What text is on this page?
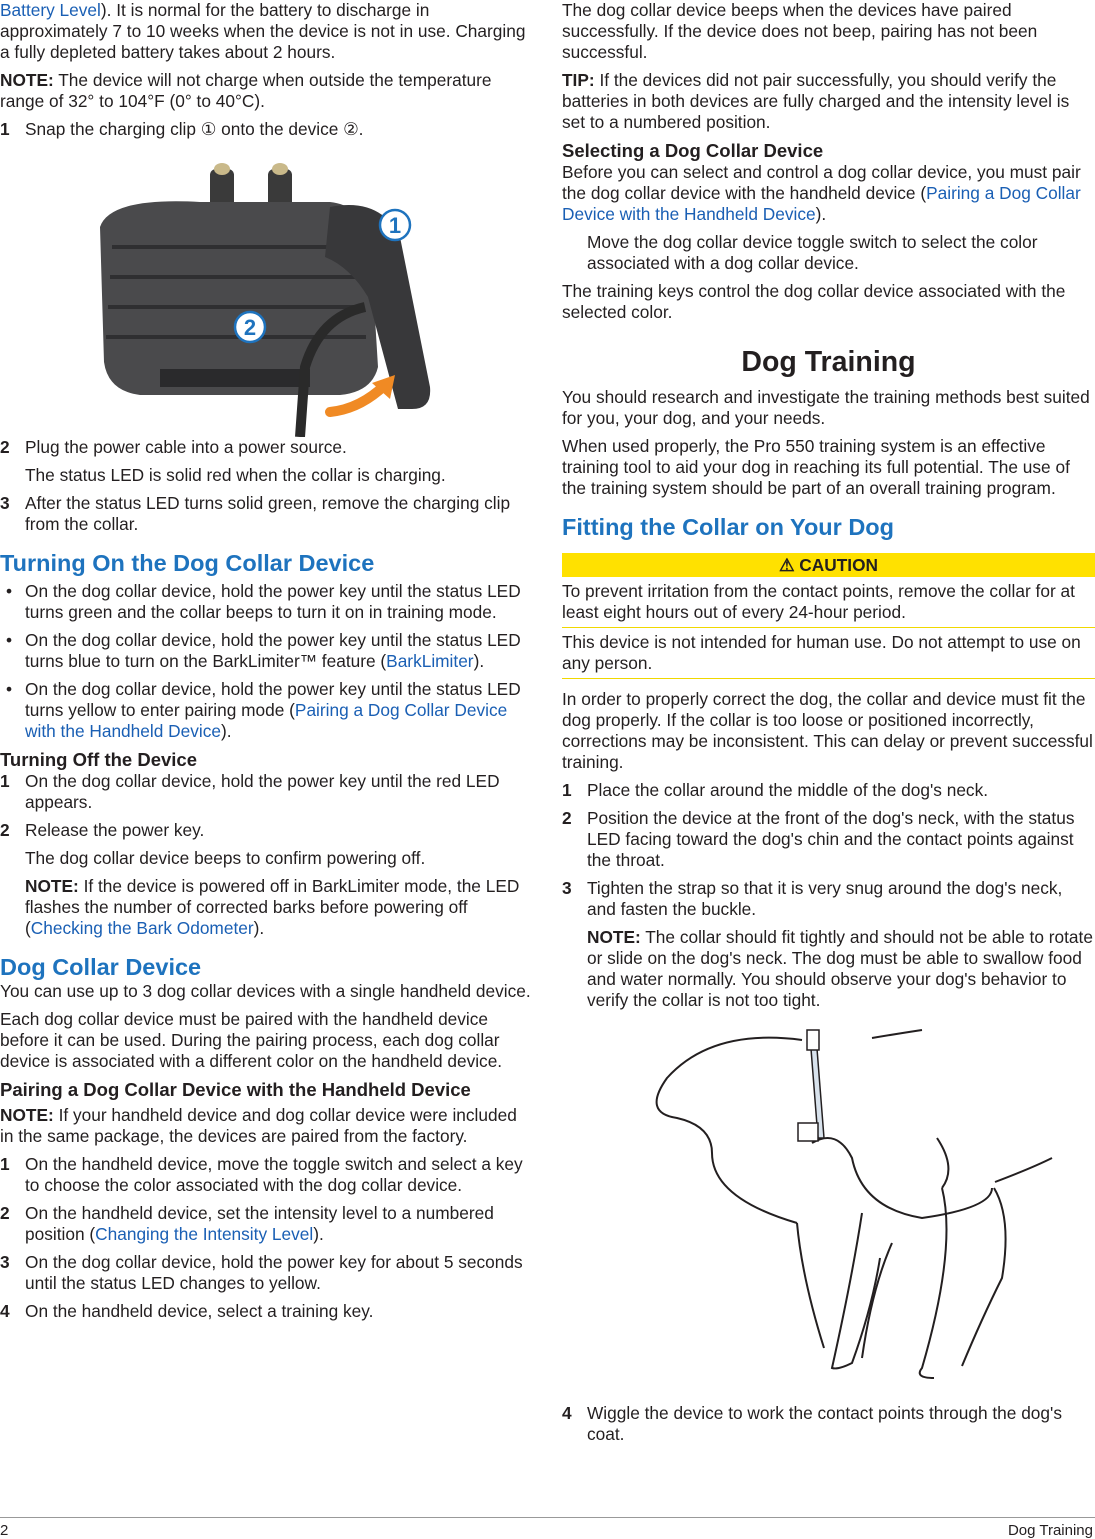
Battery Level). It is normal for the battery to discharge in approximately 7 to 10 weeks when the device is not in use. Charging a fully depleted battery takes about 2 hours.

NOTE: The device will not charge when outside the temperature range of 32° to 104°F (0° to 40°C).

1 Snap the charging clip ① onto the device ②.

1
2
2 Plug the power cable into a power source.

The status LED is solid red when the collar is charging.

3 After the status LED turns solid green, remove the charging clip from the collar.

Turning On the Dog Collar Device
• On the dog collar device, hold the power key until the status LED turns green and the collar beeps to turn it on in training mode.

• On the dog collar device, hold the power key until the status LED turns blue to turn on the BarkLimiter™ feature (BarkLimiter).

• On the dog collar device, hold the power key until the status LED turns yellow to enter pairing mode (Pairing a Dog Collar Device with the Handheld Device).

Turning Off the Device
1 On the dog collar device, hold the power key until the red LED appears.

2 Release the power key.

The dog collar device beeps to confirm powering off.

NOTE: If the device is powered off in BarkLimiter mode, the LED flashes the number of corrected barks before powering off (Checking the Bark Odometer).

Dog Collar Device

You can use up to 3 dog collar devices with a single handheld device.

Each dog collar device must be paired with the handheld device before it can be used. During the pairing process, each dog collar device is associated with a different color on the handheld device.

Pairing a Dog Collar Device with the Handheld Device

NOTE: If your handheld device and dog collar device were included in the same package, the devices are paired from the factory.

1 On the handheld device, move the toggle switch and select a key to choose the color associated with the dog collar device.

2 On the handheld device, set the intensity level to a numbered position (Changing the Intensity Level).

3 On the dog collar device, hold the power key for about 5 seconds until the status LED changes to yellow.

4 On the handheld device, select a training key.

The dog collar device beeps when the devices have paired successfully. If the device does not beep, pairing has not been successful.

TIP: If the devices did not pair successfully, you should verify the batteries in both devices are fully charged and the intensity level is set to a numbered position.

Selecting a Dog Collar Device

Before you can select and control a dog collar device, you must pair the dog collar device with the handheld device (Pairing a Dog Collar Device with the Handheld Device).

Move the dog collar device toggle switch to select the color associated with a dog collar device.

The training keys control the dog collar device associated with the selected color.

Dog Training

You should research and investigate the training methods best suited for you, your dog, and your needs.

When used properly, the Pro 550 training system is an effective training tool to aid your dog in reaching its full potential. The use of the training system should be part of an overall training program.

Fitting the Collar on Your Dog
⚠ CAUTION

To prevent irritation from the contact points, remove the collar for at least eight hours out of every 24-hour period.

This device is not intended for human use. Do not attempt to use on any person.

In order to properly correct the dog, the collar and device must fit the dog properly. If the collar is too loose or positioned incorrectly, corrections may be inconsistent. This can delay or prevent successful training.

1 Place the collar around the middle of the dog's neck.

2 Position the device at the front of the dog's neck, with the status LED facing toward the dog's chin and the contact points against the throat.

3 Tighten the strap so that it is very snug around the dog's neck, and fasten the buckle.

NOTE: The collar should fit tightly and should not be able to rotate or slide on the dog's neck. The dog must be able to swallow food and water normally. You should observe your dog's behavior to verify the collar is not too tight.

4 Wiggle the device to work the contact points through the dog's coat.

2	Dog Training
